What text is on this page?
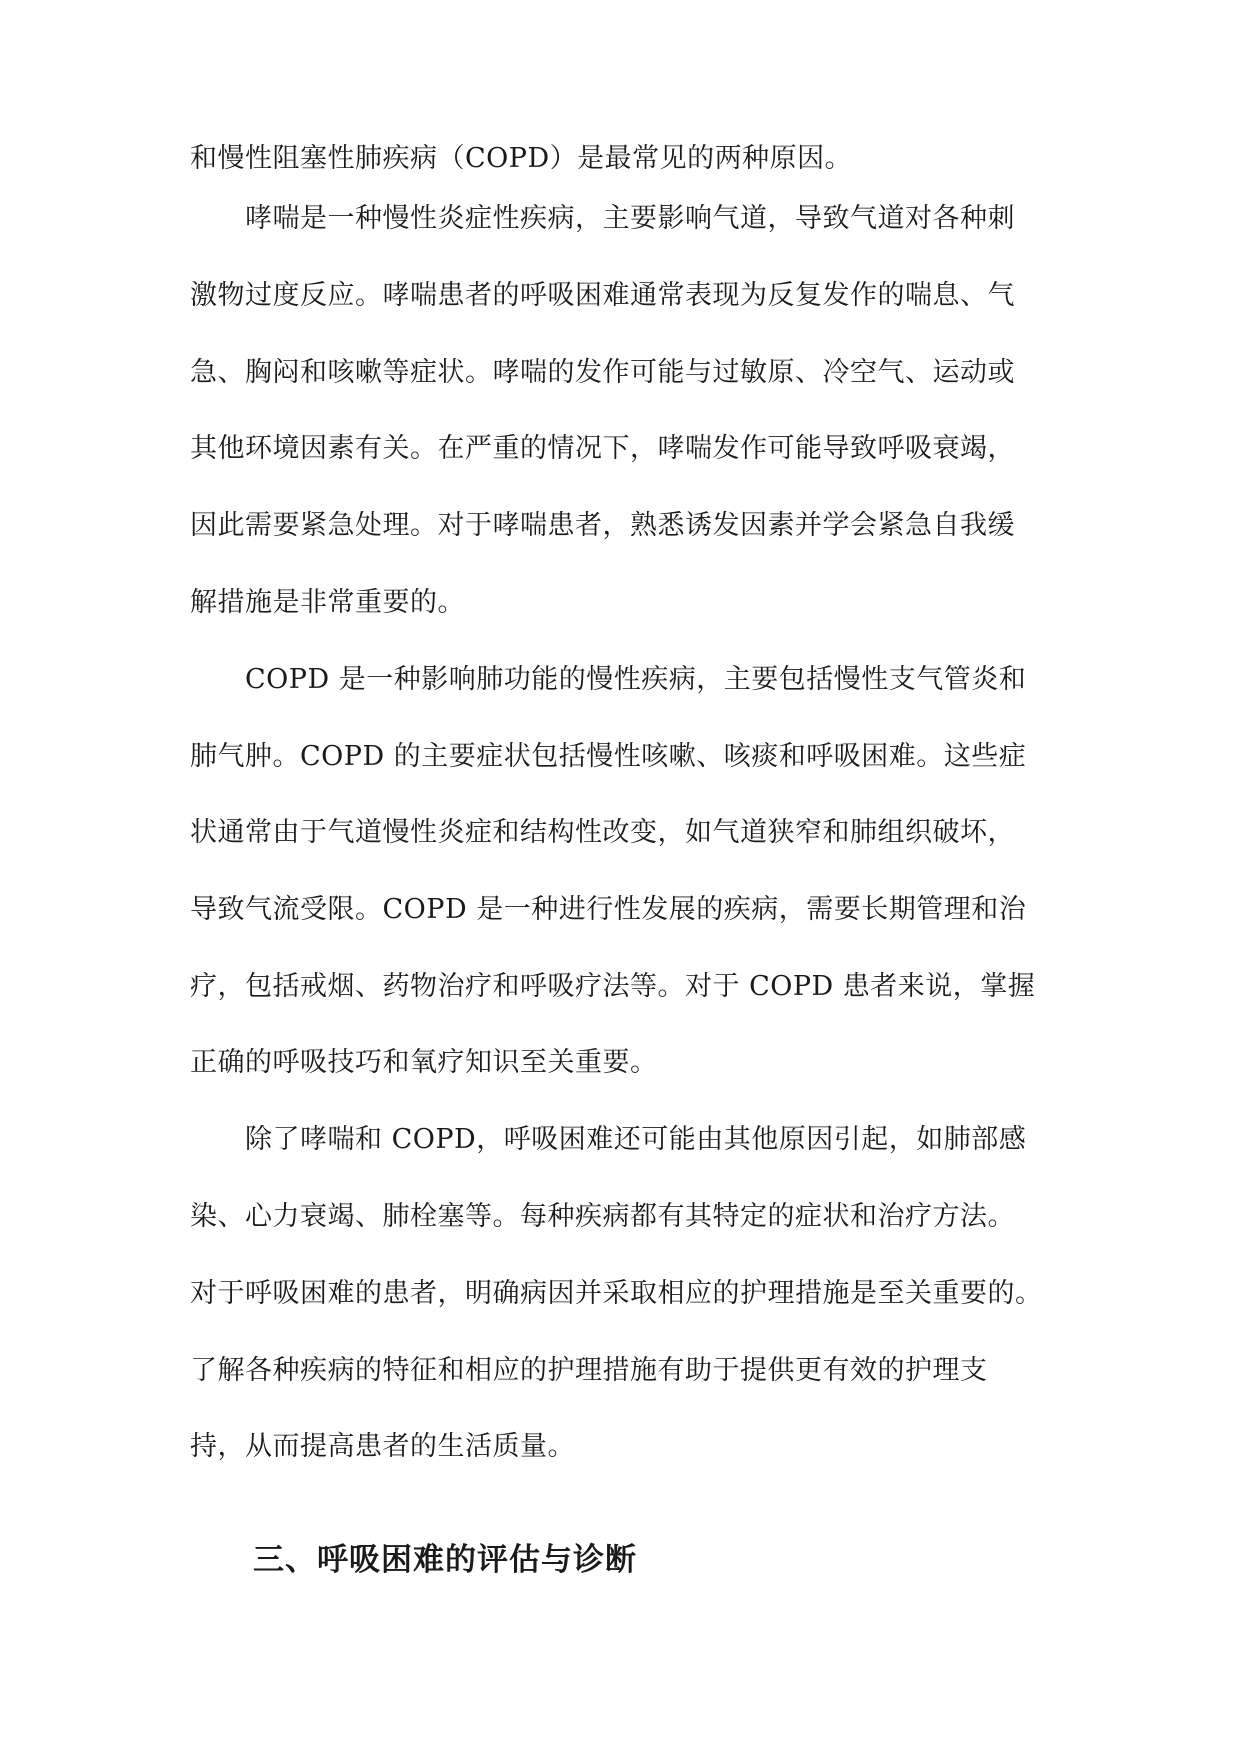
和慢性阻塞性肺疾病（COPD）是最常见的两种原因。
哮喘是一种慢性炎症性疾病，主要影响气道，导致气道对各种刺
激物过度反应。哮喘患者的呼吸困难通常表现为反复发作的喘息、气
急、胸闷和咳嗽等症状。哮喘的发作可能与过敏原、冷空气、运动或
其他环境因素有关。在严重的情况下，哮喘发作可能导致呼吸衰竭，
因此需要紧急处理。对于哮喘患者，熟悉诱发因素并学会紧急自我缓
解措施是非常重要的。
COPD 是一种影响肺功能的慢性疾病，主要包括慢性支气管炎和
肺气肿。COPD 的主要症状包括慢性咳嗽、咳痰和呼吸困难。这些症
状通常由于气道慢性炎症和结构性改变，如气道狭窄和肺组织破坏，
导致气流受限。COPD 是一种进行性发展的疾病，需要长期管理和治
疗，包括戒烟、药物治疗和呼吸疗法等。对于 COPD 患者来说，掌握
正确的呼吸技巧和氧疗知识至关重要。
除了哮喘和 COPD，呼吸困难还可能由其他原因引起，如肺部感
染、心力衰竭、肺栓塞等。每种疾病都有其特定的症状和治疗方法。
对于呼吸困难的患者，明确病因并采取相应的护理措施是至关重要的。
了解各种疾病的特征和相应的护理措施有助于提供更有效的护理支
持，从而提高患者的生活质量。
三、呼吸困难的评估与诊断
